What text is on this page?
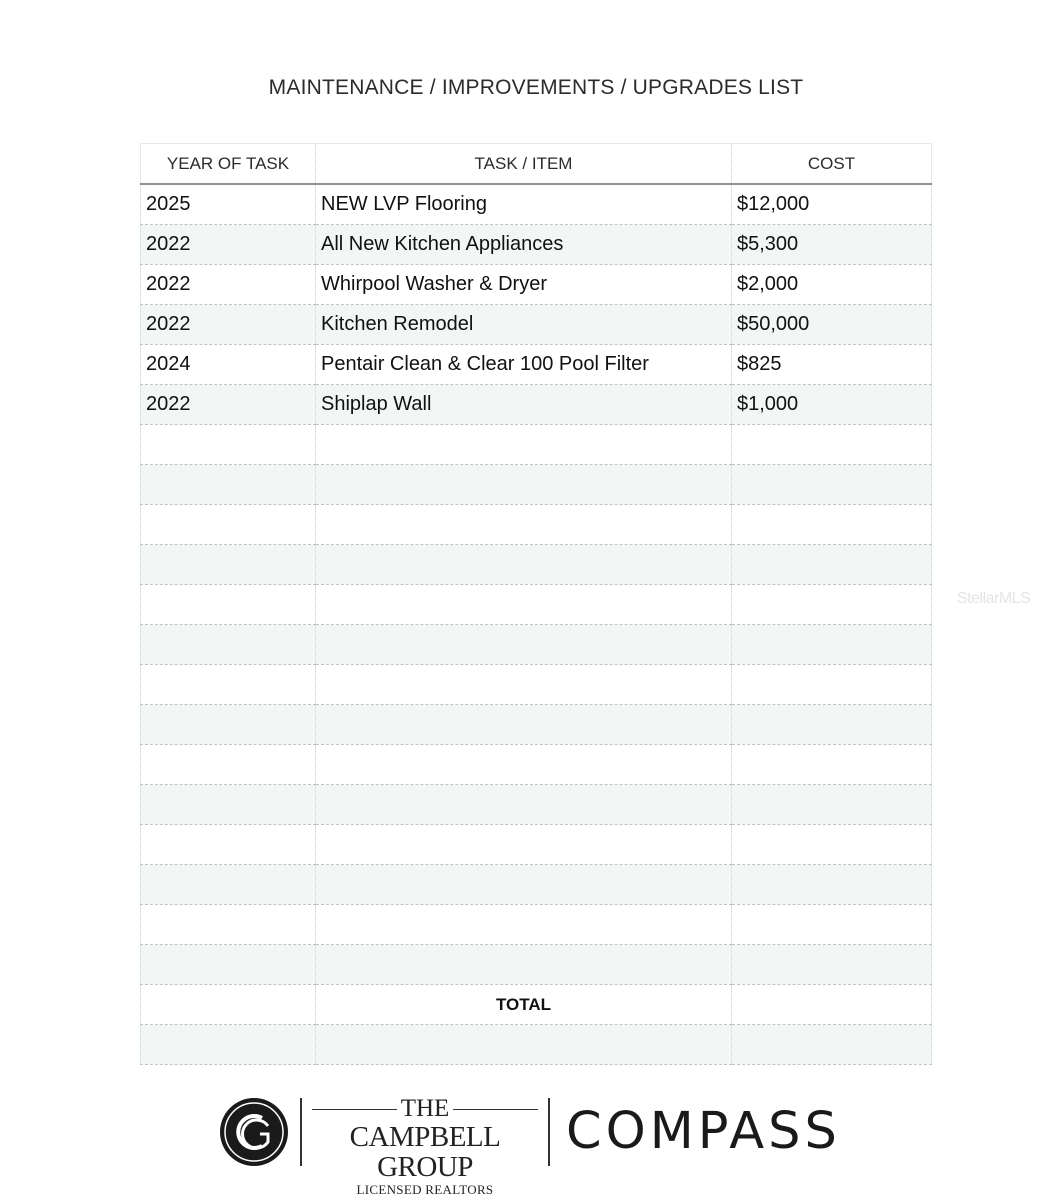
MAINTENANCE / IMPROVEMENTS / UPGRADES LIST
YEAR OF TASK	TASK / ITEM	COST
2025	NEW LVP Flooring	$12,000
2022	All New Kitchen Appliances	$5,300
2022	Whirpool Washer & Dryer	$2,000
2022	Kitchen Remodel	$50,000
2024	Pentair Clean & Clear 100 Pool Filter	$825
2022	Shiplap Wall	$1,000

	TOTAL	

StellarMLS
THE
CAMPBELL GROUP
LICENSED REALTORS
COMPASS
